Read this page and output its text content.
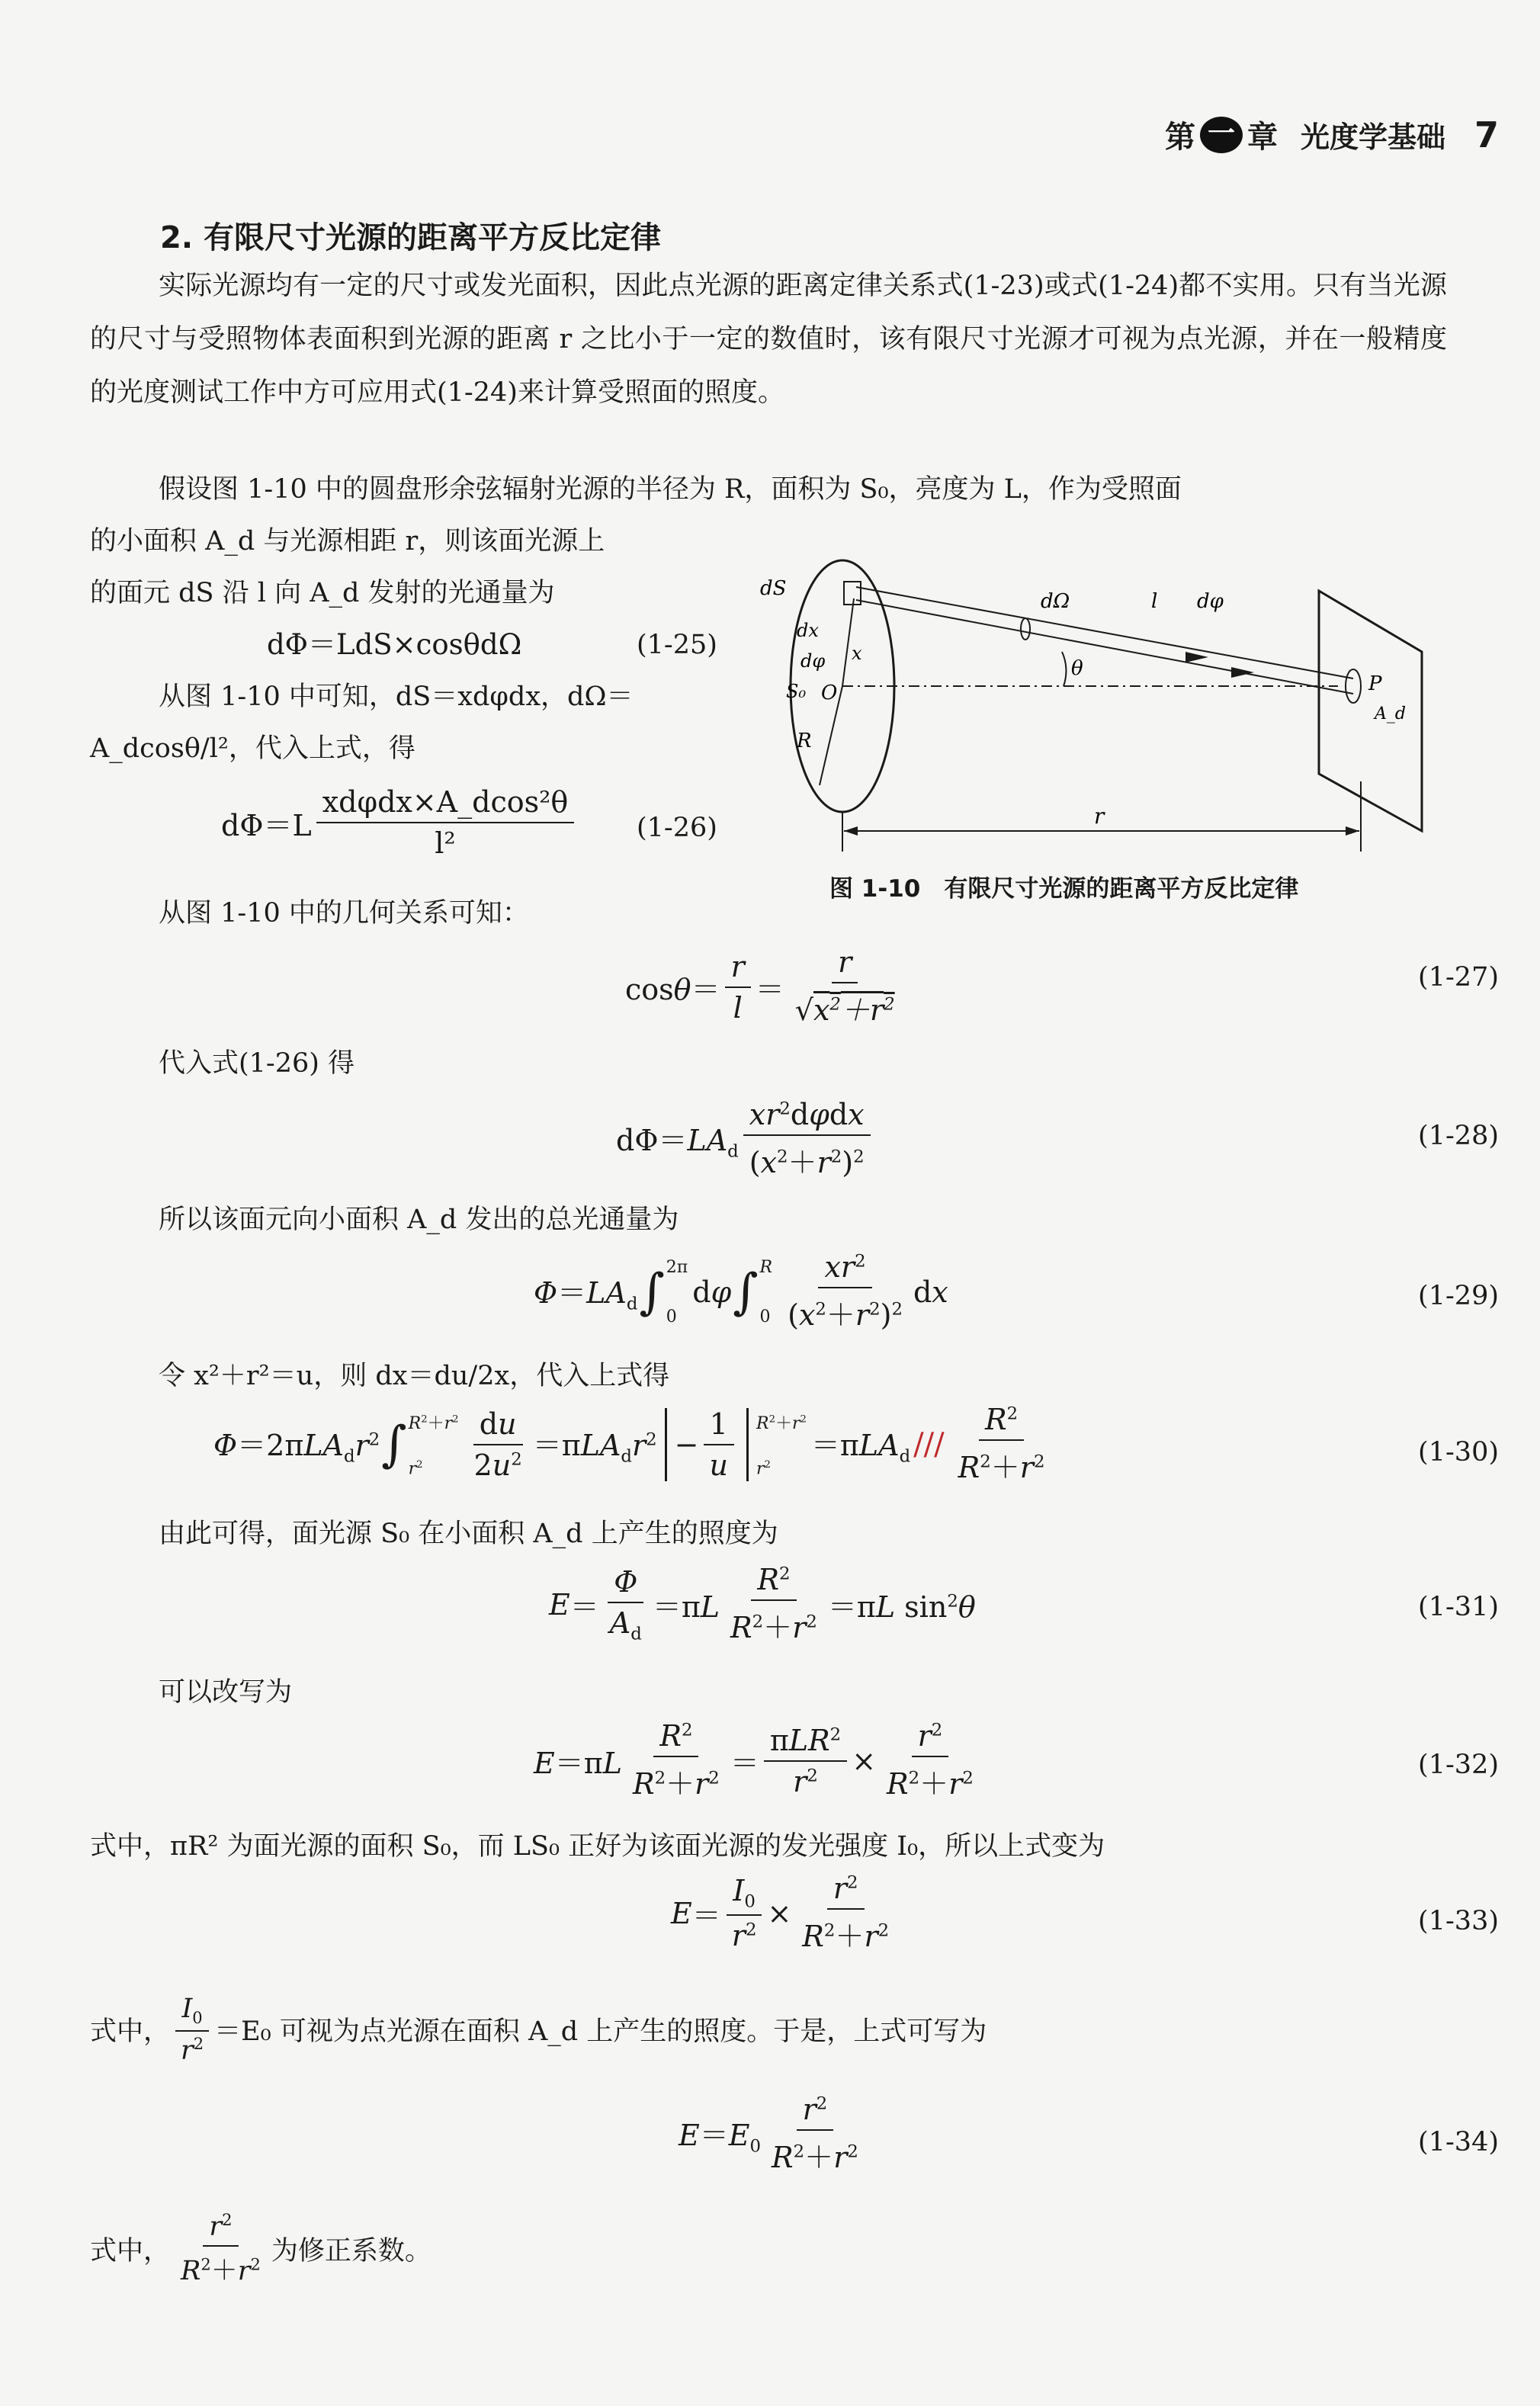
第 一 章 光度学基础 7
2. 有限尺寸光源的距离平方反比定律
实际光源均有一定的尺寸或发光面积，因此点光源的距离定律关系式(1-23)或式(1-24)都不实用。只有当光源的尺寸与受照物体表面积到光源的距离 r 之比小于一定的数值时，该有限尺寸光源才可视为点光源，并在一般精度的光度测试工作中方可应用式(1-24)来计算受照面的照度。
假设图 1-10 中的圆盘形余弦辐射光源的半径为 R，面积为 S₀，亮度为 L，作为受照面
的小面积 A_d 与光源相距 r，则该面光源上
的面元 dS 沿 l 向 A_d 发射的光通量为
dΦ＝LdS×cosθdΩ	(1-25)
从图 1-10 中可知，dS＝xdφdx，dΩ＝
A_dcosθ/l²，代入上式，得
$d\Phi=L \frac{\text{xdφdx×A\_dcos²θ}}{\text{l²}} (1-26)$
dS
dx
dφ x
S₀ O
R
dΩ	l dφ
θ
P
A_d
r
图 1-10　有限尺寸光源的距离平方反比定律
从图 1-10 中的几何关系可知：
$\cos\theta= \frac{r}{l} = \frac{r}{√x^2+r^2}$	(1-27)
代入式(1-26) 得
$d\Phi=LA_d \frac{xr^2d\varphi dx}{(x^2+r^2)^2}$	(1-28)
所以该面元向小面积 A_d 发出的总光通量为
$\Phi=LA_d$ ∫ 2π
0
dφ ∫ R
$0 \frac{xr^2}{(x^2+r^2)^2}$ dx	(1-29)
令 x²＋r²＝u，则 dx＝du/2x，代入上式得
$\Phi=2\pi LA_dr^2$ ∫ $R^2+r^2$
$r^2$	$\frac{du}{2u^2} =\pi LA_dr^2 - \frac{1}{u} R^2+r^2$
$r^2$
＝πLA$_d$ /// $\frac{R^2}{R^2+r^2}$	(1-30)
由此可得，面光源 S₀ 在小面积 A_d 上产生的照度为
$E = \frac{\Phi}{A_d} =\pi L \frac{R^2}{R^2+r^2} =\pi L$ $\sin^2\theta$	(1-31)
可以改写为
$E=\pi L \frac{R^2}{R^2+r^2} = \frac{\pi LR^2}{r^2} \times \frac{r^2}{R^2+r^2}$	(1-32)
式中，πR² 为面光源的面积 S₀，而 LS₀ 正好为该面光源的发光强度 I₀，所以上式变为
$E = \frac{I_0}{r^2} \times \frac{r^2}{R^2+r^2}$	(1-33)
式中， $\frac{I_0}{r^2} =E_0$ 可视为点光源在面积 A_d 上产生的照度。于是，上式可写为
$E=E_0 \frac{r^2}{R^2+r^2}$	(1-34)
式中， $\frac{r^2}{R^2+r^2}$ 为修正系数。
